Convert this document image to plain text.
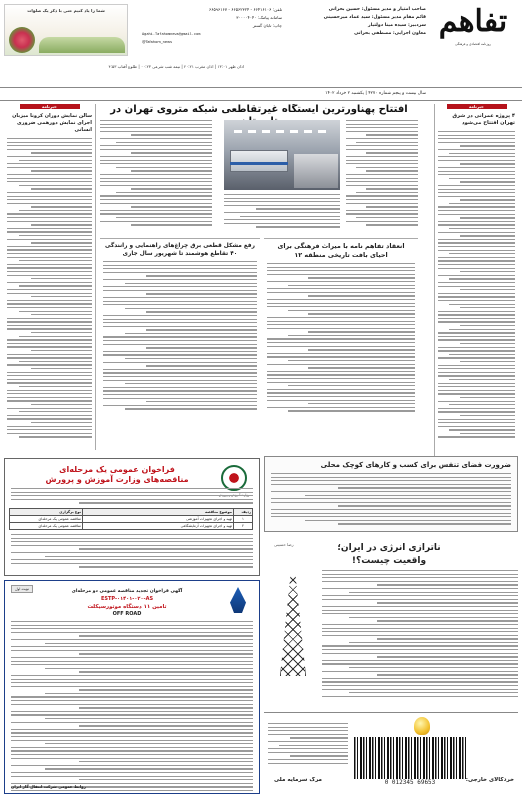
تفاهم
روزنامه اقتصادی و فرهنگی
صاحب امتیاز و مدیر مسئول: حسین بحرانی
قائم مقام مدیر مسئول: سید عماد میرحسینی
سردبیر: سیده مینا دولتیار
معاون اجرایی: مصطفی بحرانی
تلفن: ۶۶۴۱۶۱۰۶ - ۶۶۵۶۲۳۲۴ - ۶۶۵۹۶۱۶۷
سامانه پیامک: ۳۰۰۰۰۴۰۴۰
چاپ: تابان گستر
Agahi.Tafahomnews@gmail.com
@Tafahom_news
شما را یاد کنیم حتی با ذکر یک صلوات
اذان ظهر ۱۳:۰۱ | اذان مغرب ۲۰:۲۱ | نیمه شب شرعی ۰۰:۲۳ | طلوع آفتاب ۴:۵۳
سال بیست و پنجم شماره ۴۲۷۰ | یکشنبه ۲ خرداد ۱۴۰۲
خبرنامه
۴ پروژه عمرانی در شرق تهران افتتاح می‌شود
خبرنامه
سالن نمایش دوران کرونا میزبان اجرای نمایش دورهمی ضروری انسانی
افتتاح پهناورترین ایستگاه غیرتقاطعی شبکه متروی تهران در
انعقاد تفاهم نامه با میراث فرهنگی برای احیای بافت تاریخی منطقه ۱۲
رفع مشکل قطعی برق چراغ‌های راهنمایی و رانندگی ۴۰ تقاطع هوشمند تا شهریور سال جاری
ضرورت فضای تنفس برای کسب و کارهای کوچک محلی
ناترازی انرژی در ایران؛ واقعیت چیست؟!
رضا حسینی
0 012345 69653	خردکالای خارجی:
مرگ سرمایه ملی
فراخوان عمومی یک مرحله‌ای
مناقصه‌های وزارت آموزش و پرورش
ردیف	موضوع مناقصه	نوع برگزاری
۱	تهیه و اجرای تجهیزات آموزشی	مناقصه عمومی یک مرحله‌ای
۲	تهیه و اجرای تجهیزات آزمایشگاهی	مناقصه عمومی یک مرحله‌ای
نوبت اول	آگهی فراخوان تجدید مناقصه عمومی دو مرحله‌ای
ESTP-۰۱۴۰۱-۰۲۰-AS
تامین ۱۱ دستگاه موتورسیکلت
OFF ROAD
روابط عمومی شرکت انتقال گاز ایران
